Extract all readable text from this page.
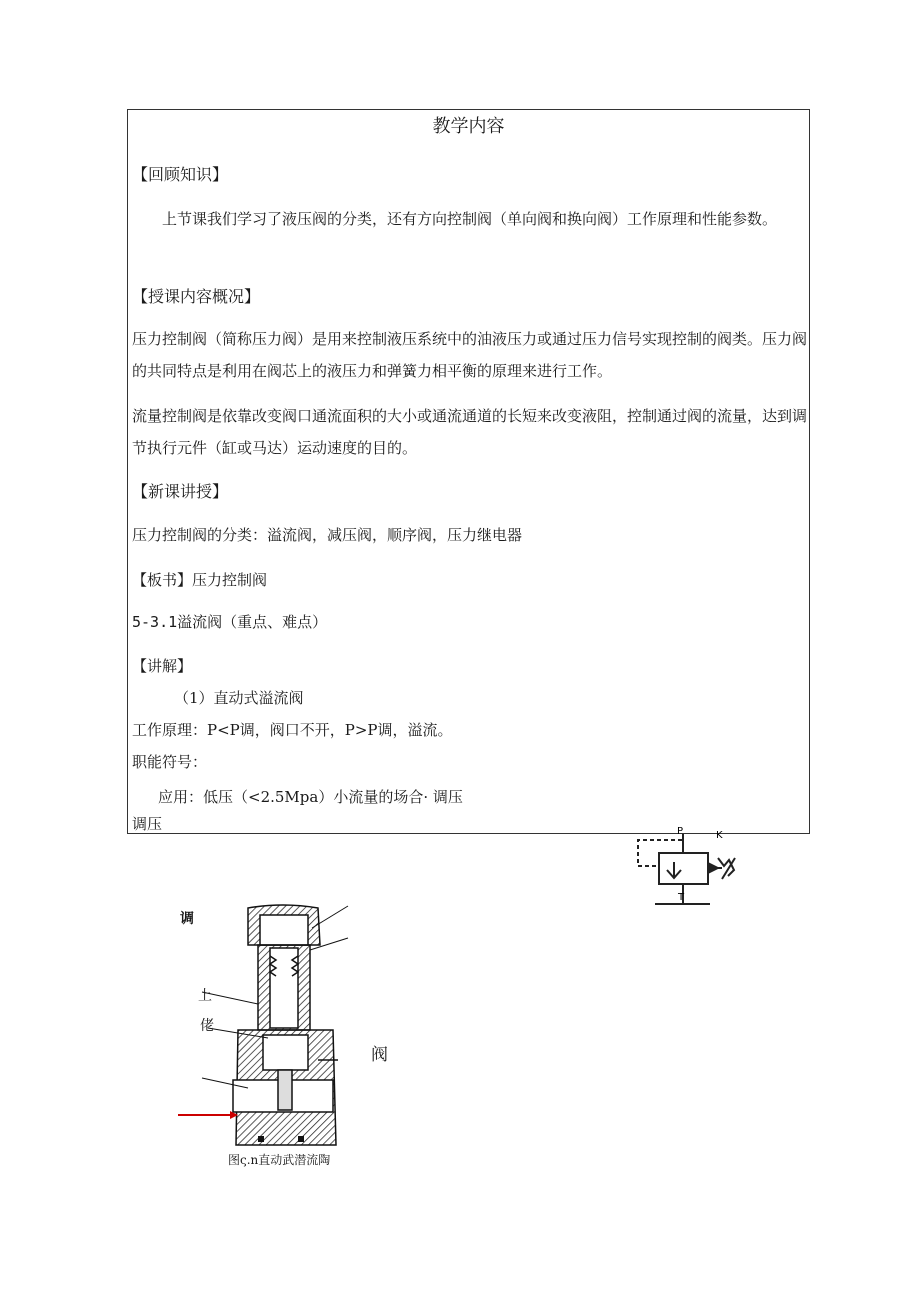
教学内容
【回顾知识】
上节课我们学习了液压阀的分类，还有方向控制阀（单向阀和换向阀）工作原理和性能参数。
【授课内容概况】
压力控制阀（简称压力阀）是用来控制液压系统中的油液压力或通过压力信号实现控制的阀类。压力阀的共同特点是利用在阀芯上的液压力和弹簧力相平衡的原理来进行工作。
流量控制阀是依靠改变阀口通流面积的大小或通流通道的长短来改变液阻，控制通过阀的流量，达到调节执行元件（缸或马达）运动速度的目的。
【新课讲授】
压力控制阀的分类：溢流阀，减压阀，顺序阀，压力继电器
【板书】压力控制阀
5-3.1溢流阀（重点、难点）
【讲解】
（1）直动式溢流阀
工作原理：P<P调，阀口不开，P>P调，溢流。
职能符号：
应用：低压（<2.5Mpa）小流量的场合· 调压
调压	P	K
T
调
上
佬
阀
图ς.n直动武潜流陶
